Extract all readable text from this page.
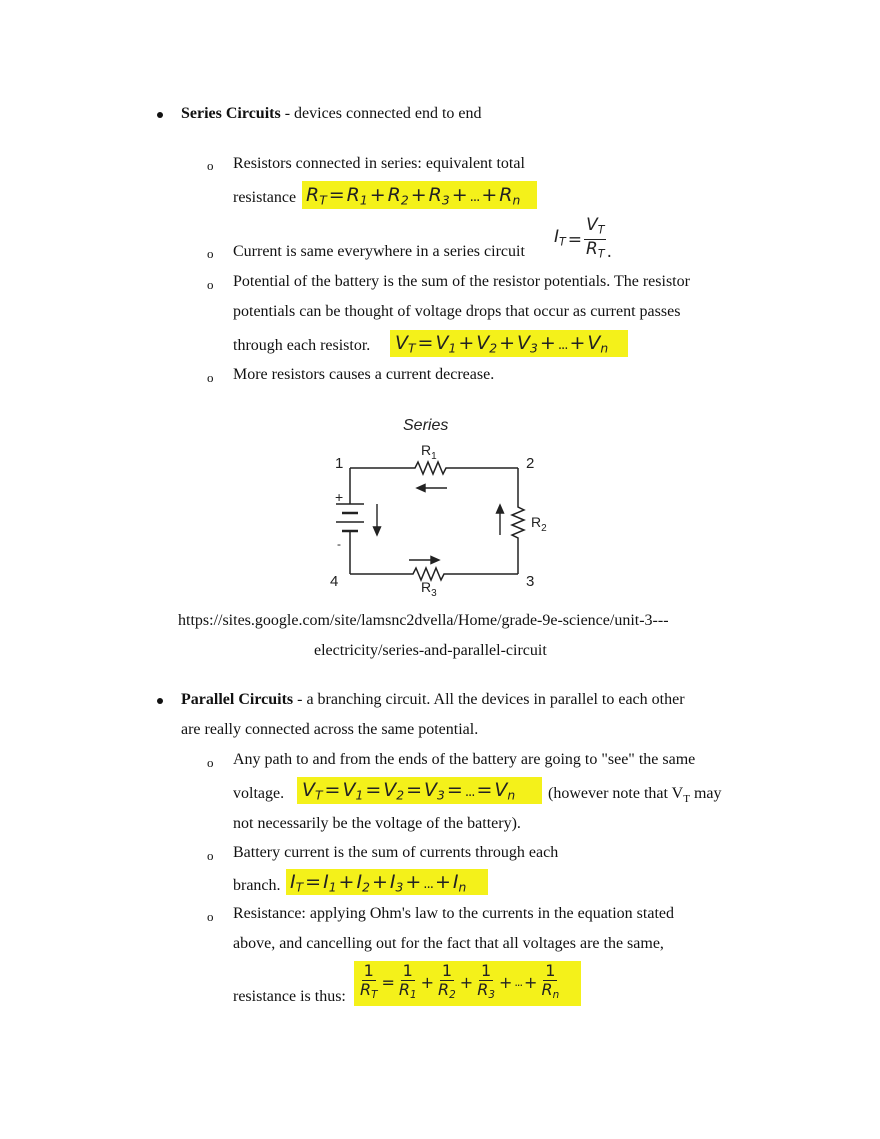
Series Circuits - devices connected end to end
o Resistors connected in series: equivalent total
resistance $R_T = R_1 + R_2 + R_3$ + ... + $R_n$
o Current is same everywhere in a series circuit
$I_T = \frac{V_T}{R_T}$ .
o Potential of the battery is the sum of the resistor potentials. The resistor
potentials can be thought of voltage drops that occur as current passes
through each resistor. $V_T = V_1 + V_2 + V_3$ + ... + $V_n$
o More resistors causes a current decrease.
Series
1	2
3
4
$R_1$
$R_2$
$R_3$
+
-
https://sites.google.com/site/lamsnc2dvella/Home/grade-9e-science/unit-3---
electricity/series-and-parallel-circuit
Parallel Circuits - a branching circuit. All the devices in parallel to each other
are really connected across the same potential.
o Any path to and from the ends of the battery are going to "see" the same
voltage. $V_T = V_1 = V_2 = V_3$ = ... = $V_n$ (however note that $V_T$ may
not necessarily be the voltage of the battery).
o Battery current is the sum of currents through each
branch. $I_T = I_1 + I_2 + I_3$ + ... + $I_n$
o Resistance: applying Ohm's law to the currents in the equation stated
above, and cancelling out for the fact that all voltages are the same,
resistance is thus: $\frac{1}{R_T} = \frac{1}{R_1} + \frac{1}{R_2} + \frac{1}{R_3}$ + ... + $\frac{1}{R_n}$
